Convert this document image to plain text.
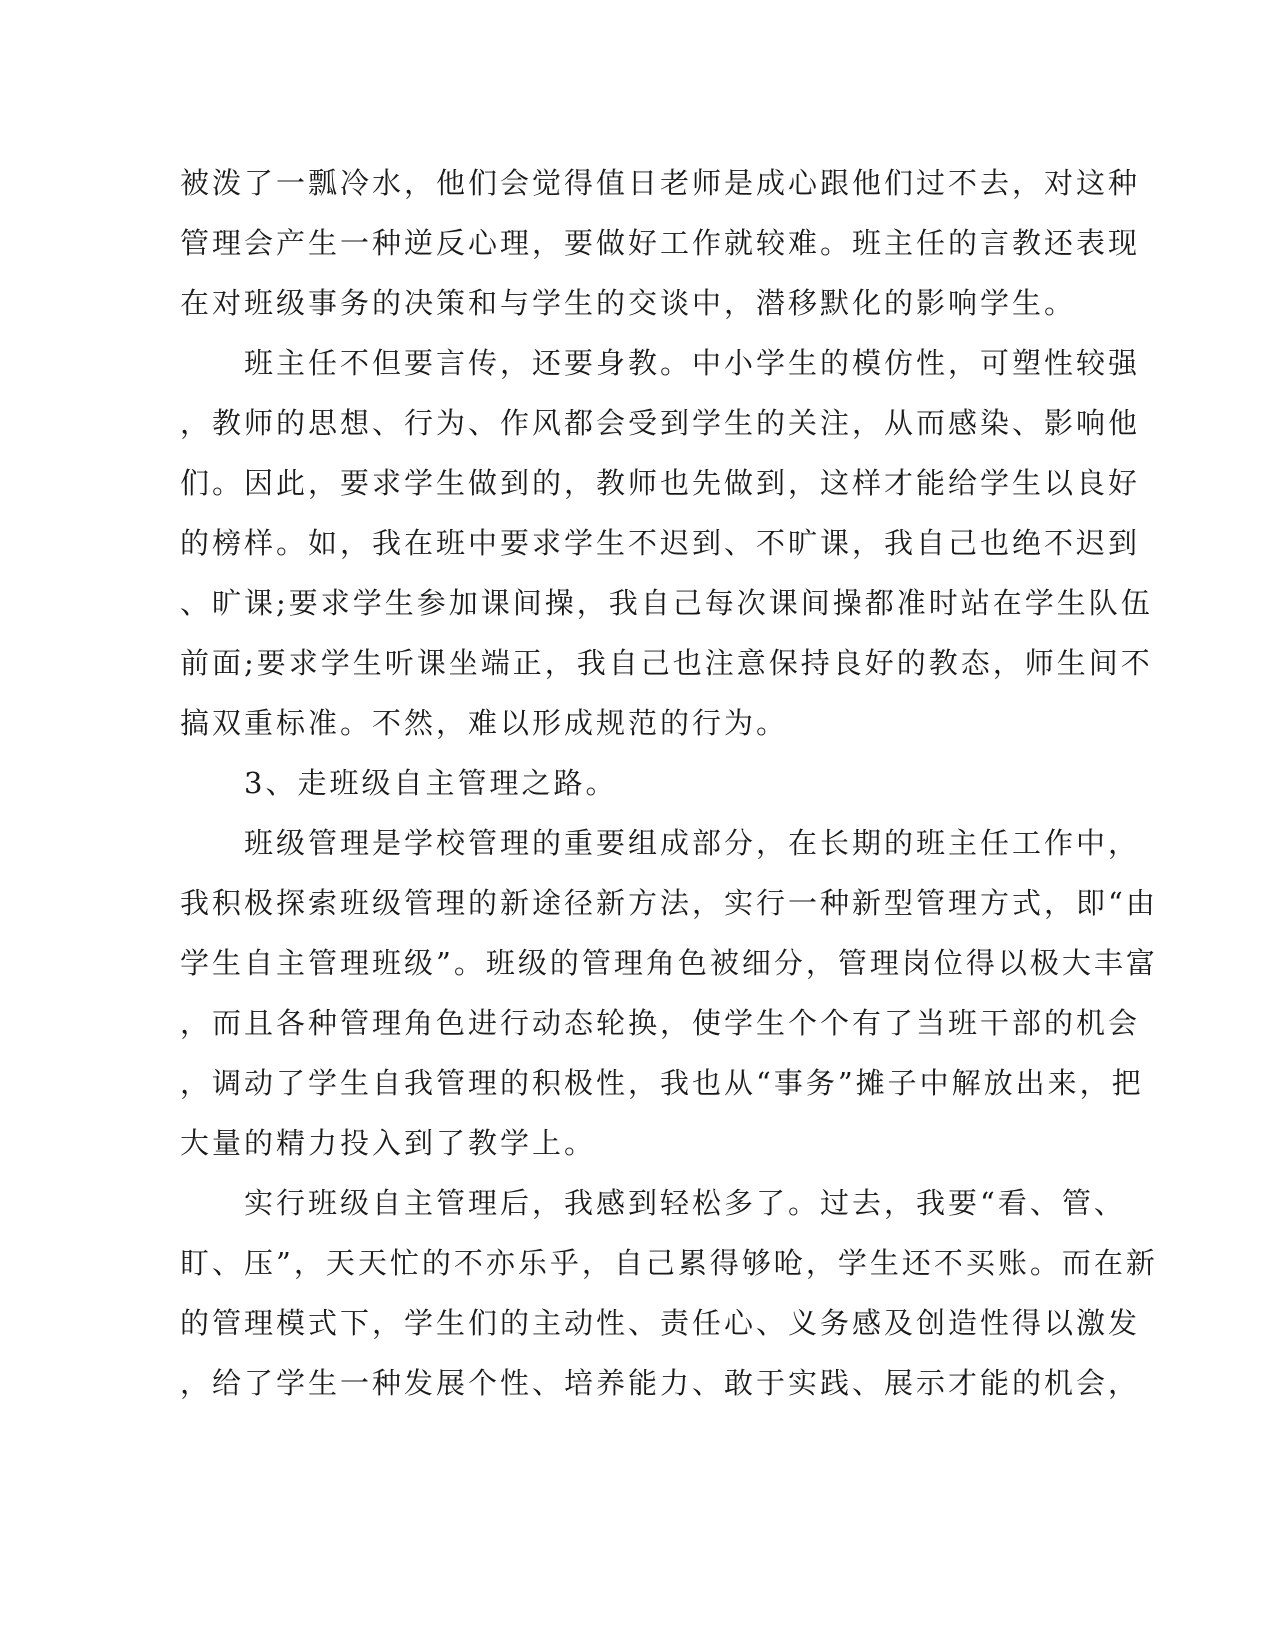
被泼了一瓢冷水，他们会觉得值日老师是成心跟他们过不去，对这种
管理会产生一种逆反心理，要做好工作就较难。班主任的言教还表现
在对班级事务的决策和与学生的交谈中，潜移默化的影响学生。
　　班主任不但要言传，还要身教。中小学生的模仿性，可塑性较强
，教师的思想、行为、作风都会受到学生的关注，从而感染、影响他
们。因此，要求学生做到的，教师也先做到，这样才能给学生以良好
的榜样。如，我在班中要求学生不迟到、不旷课，我自己也绝不迟到
、旷课;要求学生参加课间操，我自己每次课间操都准时站在学生队伍
前面;要求学生听课坐端正，我自己也注意保持良好的教态，师生间不
搞双重标准。不然，难以形成规范的行为。
　　3、走班级自主管理之路。
　　班级管理是学校管理的重要组成部分，在长期的班主任工作中，
我积极探索班级管理的新途径新方法，实行一种新型管理方式，即“由
学生自主管理班级”。班级的管理角色被细分，管理岗位得以极大丰富
，而且各种管理角色进行动态轮换，使学生个个有了当班干部的机会
，调动了学生自我管理的积极性，我也从“事务”摊子中解放出来，把
大量的精力投入到了教学上。
　　实行班级自主管理后，我感到轻松多了。过去，我要“看、管、
盯、压”，天天忙的不亦乐乎，自己累得够呛，学生还不买账。而在新
的管理模式下，学生们的主动性、责任心、义务感及创造性得以激发
，给了学生一种发展个性、培养能力、敢于实践、展示才能的机会，
